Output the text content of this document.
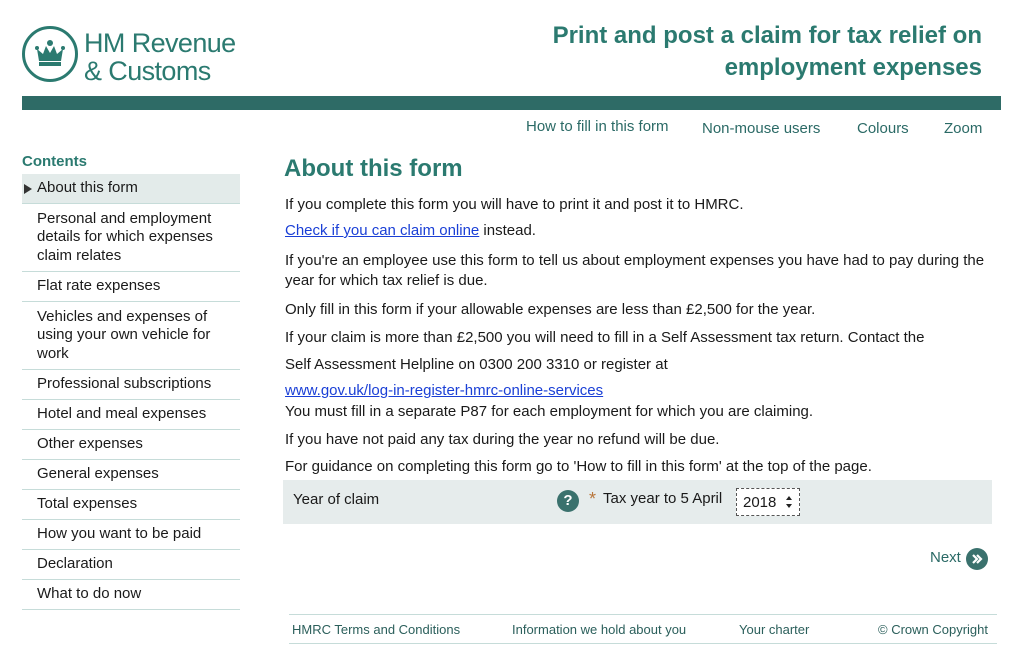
HM Revenue
& Customs
Print and post a claim for tax relief on
employment expenses
How to fill in this form Non-mouse users Colours Zoom
Contents
About this form
Personal and employment details for which expenses claim relates
Flat rate expenses
Vehicles and expenses of using your own vehicle for work
Professional subscriptions
Hotel and meal expenses
Other expenses
General expenses
Total expenses
How you want to be paid
Declaration
What to do now
About this form
If you complete this form you will have to print it and post it to HMRC.
Check if you can claim online instead.
If you're an employee use this form to tell us about employment expenses you have had to pay during the year for which tax relief is due.
Only fill in this form if your allowable expenses are less than £2,500 for the year.
If your claim is more than £2,500 you will need to fill in a Self Assessment tax return. Contact the
Self Assessment Helpline on 0300 200 3310 or register at
www.gov.uk/log-in-register-hmrc-online-services
You must fill in a separate P87 for each employment for which you are claiming.
If you have not paid any tax during the year no refund will be due.
For guidance on completing this form go to 'How to fill in this form' at the top of the page.
Year of claim	? * Tax year to 5 April 2018
Next
HMRC Terms and Conditions	Information we hold about you	Your charter	© Crown Copyright
